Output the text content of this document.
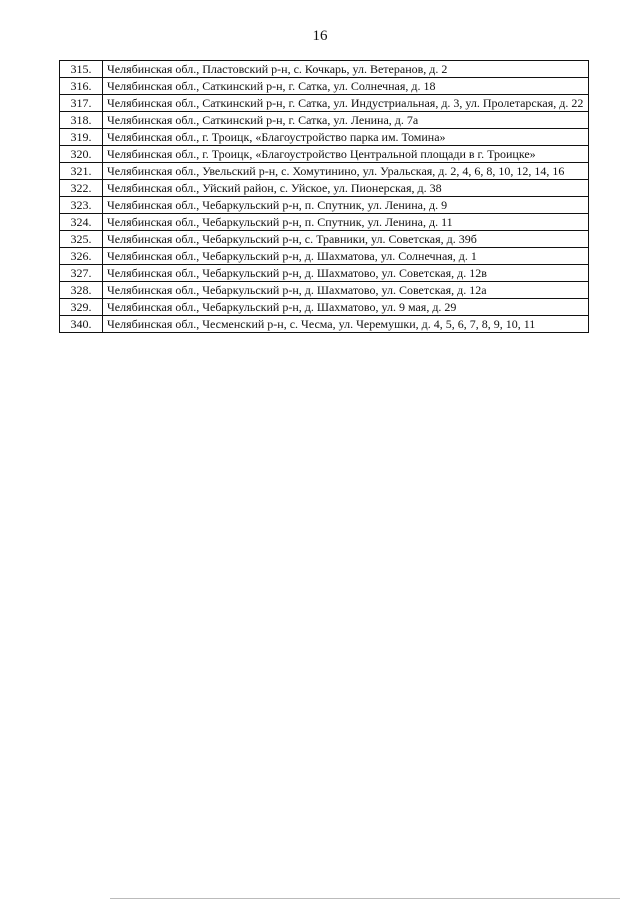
16
315.	Челябинская обл., Пластовский р-н, с. Кочкарь, ул. Ветеранов, д. 2
316.	Челябинская обл., Саткинский р-н, г. Сатка, ул. Солнечная, д. 18
317.	Челябинская обл., Саткинский р-н, г. Сатка, ул. Индустриальная, д. 3, ул. Пролетарская, д. 22
318.	Челябинская обл., Саткинский р-н, г. Сатка, ул. Ленина, д. 7а
319.	Челябинская обл., г. Троицк, «Благоустройство парка им. Томина»
320.	Челябинская обл., г. Троицк, «Благоустройство Центральной площади в г. Троицке»
321.	Челябинская обл., Увельский р-н, с. Хомутинино, ул. Уральская, д. 2, 4, 6, 8, 10, 12, 14, 16
322.	Челябинская обл., Уйский район, с. Уйское, ул. Пионерская, д. 38
323.	Челябинская обл., Чебаркульский р-н, п. Спутник, ул. Ленина, д. 9
324.	Челябинская обл., Чебаркульский р-н, п. Спутник, ул. Ленина, д. 11
325.	Челябинская обл., Чебаркульский р-н, с. Травники, ул. Советская, д. 39б
326.	Челябинская обл., Чебаркульский р-н, д. Шахматова, ул. Солнечная, д. 1
327.	Челябинская обл., Чебаркульский р-н, д. Шахматово, ул. Советская, д. 12в
328.	Челябинская обл., Чебаркульский р-н, д. Шахматово, ул. Советская, д. 12а
329.	Челябинская обл., Чебаркульский р-н, д. Шахматово, ул. 9 мая, д. 29
340.	Челябинская обл., Чесменский р-н, с. Чесма, ул. Черемушки, д. 4, 5, 6, 7, 8, 9, 10, 11
